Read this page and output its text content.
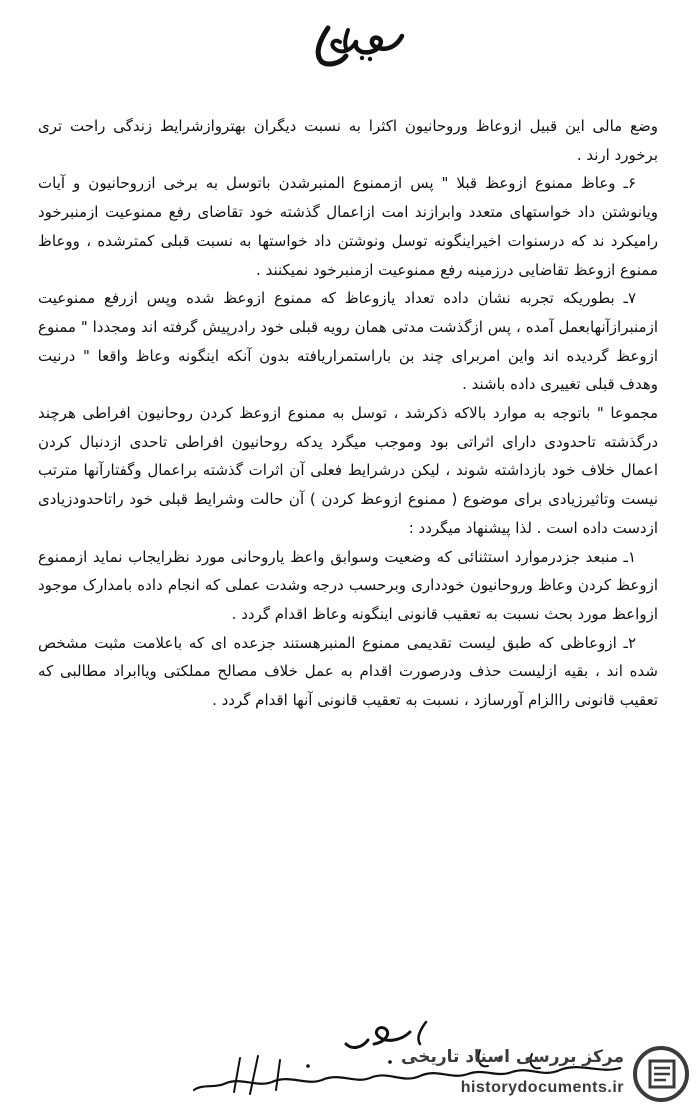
وضع مالی این قبیل ازوعاظ وروحانیون اکثرا به نسبت دیگران بهتروازشرایط زندگی راحت تری برخورد ارند .

۶ـ وعاظ ممنوع ازوعظ قبلا " پس ازممنوع المنبرشدن باتوسل به برخی ازروحانیون و آیات ویانوشتن داد خواستهای متعدد وابرازند امت ازاعمال گذشته خود تقاضای رفع ممنوعیت ازمنبرخود رامیکرد ند که درسنوات اخیراینگونه توسل ونوشتن داد خواستها به نسبت قبلی کمترشده ، ووعاظ ممنوع ازوعظ تقاضایی درزمینه رفع ممنوعیت ازمنبرخود نمیکنند .

۷ـ بطوریکه تجربه نشان داده تعداد یازوعاظ که ممنوع ازوعظ شده وپس ازرفع ممنوعیت ازمنبرازآنهابعمل آمده ، پس ازگذشت مدتی همان رویه قبلی خود رادرپیش گرفته اند ومجددا " ممنوع ازوعظ گردیده اند واین امربرای چند بن باراستمراریافته بدون آنکه اینگونه وعاظ واقعا " درنیت وهدف قبلی تغییری داده باشند .

مجموعا " باتوجه به موارد بالاکه ذکرشد ، توسل به ممنوع ازوعظ کردن روحانیون افراطی هرچند درگذشته تاحدودی دارای اثراتی بود وموجب میگرد یدکه روحانیون افراطی تاحدی ازدنبال کردن اعمال خلاف خود بازداشته شوند ، لیکن درشرایط فعلی آن اثرات گذشته براعمال وگفتارآنها مترتب نیست وتاثیرزیادی برای موضوع ( ممنوع ازوعظ کردن ) آن حالت وشرایط قبلی خود راتاحدودزیادی ازدست داده است . لذا پیشنهاد میگردد :

۱ـ منبعد جزدرموارد استثنائی که وضعیت وسوابق واعظ یاروحانی مورد نظرایجاب نماید ازممنوع ازوعظ کردن وعاظ وروحانیون خودداری وبرحسب درجه وشدت عملی که انجام داده بامدارک موجود ازواعظ مورد بحث نسبت به تعقیب قانونی اینگونه وعاظ اقدام گردد .

۲ـ ازوعاظی که طبق لیست تقدیمی ممنوع المنبرهستند جزعده ای که باعلامت مثبت مشخص شده اند ، بقیه ازلیست حذف ودرصورت اقدام به عمل خلاف مصالح مملکتی ویاابراد مطالبی که تعقیب قانونی راالزام آورسازد ، نسبت به تعقیب قانونی آنها اقدام گردد .

مرکز بررسی اسناد تاریخی
historydocuments.ir
